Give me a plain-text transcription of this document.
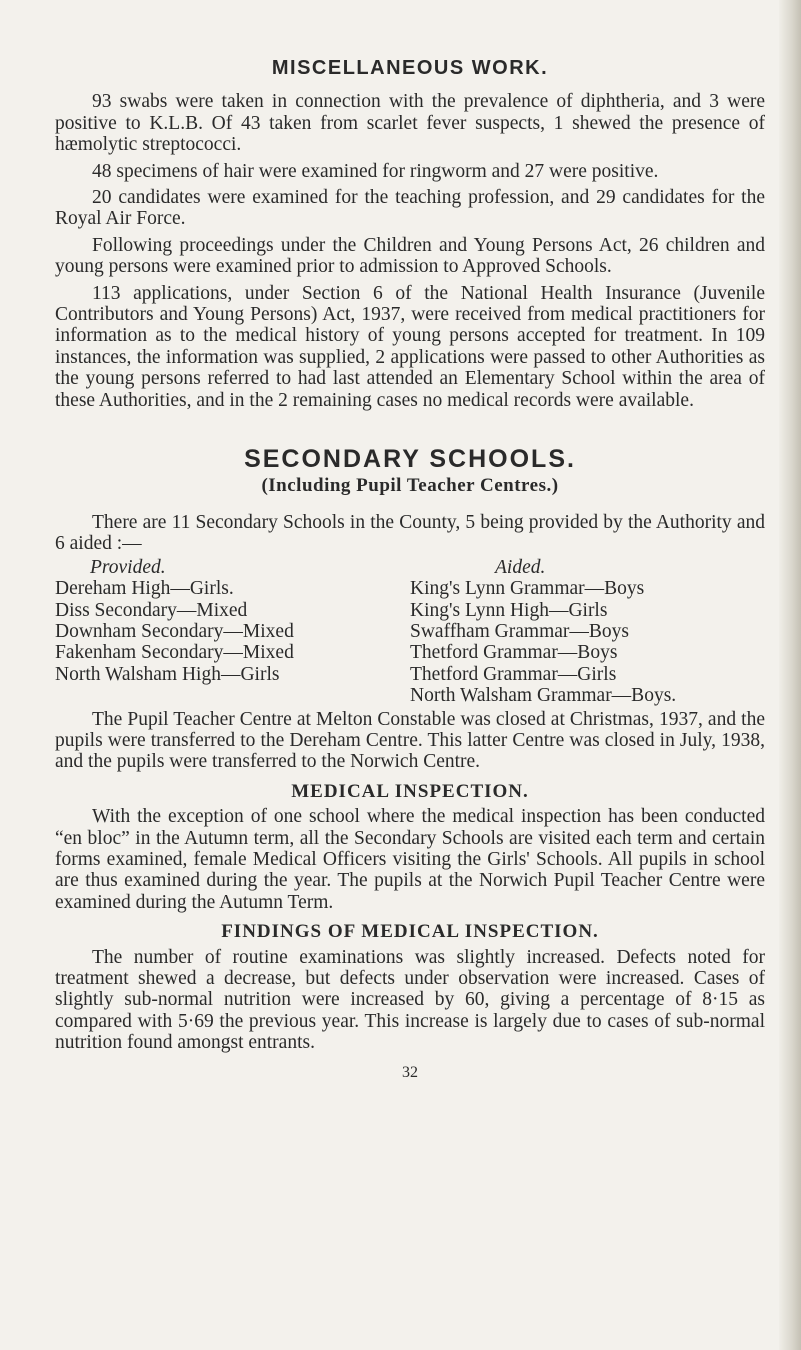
MISCELLANEOUS WORK.

93 swabs were taken in connection with the prevalence of diphtheria, and 3 were positive to K.L.B. Of 43 taken from scarlet fever suspects, 1 shewed the presence of hæmolytic streptococci.

48 specimens of hair were examined for ringworm and 27 were positive.

20 candidates were examined for the teaching profession, and 29 candidates for the Royal Air Force.

Following proceedings under the Children and Young Persons Act, 26 children and young persons were examined prior to admission to Approved Schools.

113 applications, under Section 6 of the National Health Insurance (Juvenile Contributors and Young Persons) Act, 1937, were received from medical practitioners for information as to the medical history of young persons accepted for treatment. In 109 instances, the information was supplied, 2 applications were passed to other Authorities as the young persons referred to had last attended an Elementary School within the area of these Authorities, and in the 2 remaining cases no medical records were available.

SECONDARY SCHOOLS.
(Including Pupil Teacher Centres.)

There are 11 Secondary Schools in the County, 5 being provided by the Authority and 6 aided :—

Provided.
Dereham High—Girls.
Diss Secondary—Mixed
Downham Secondary—Mixed
Fakenham Secondary—Mixed
North Walsham High—Girls
Aided.
King's Lynn Grammar—Boys
King's Lynn High—Girls
Swaffham Grammar—Boys
Thetford Grammar—Boys
Thetford Grammar—Girls
North Walsham Grammar—Boys.

The Pupil Teacher Centre at Melton Constable was closed at Christmas, 1937, and the pupils were transferred to the Dereham Centre. This latter Centre was closed in July, 1938, and the pupils were transferred to the Norwich Centre.

MEDICAL INSPECTION.

With the exception of one school where the medical inspection has been conducted “en bloc” in the Autumn term, all the Secondary Schools are visited each term and certain forms examined, female Medical Officers visiting the Girls' Schools. All pupils in school are thus examined during the year. The pupils at the Norwich Pupil Teacher Centre were examined during the Autumn Term.

FINDINGS OF MEDICAL INSPECTION.

The number of routine examinations was slightly increased. Defects noted for treatment shewed a decrease, but defects under observation were increased. Cases of slightly sub-normal nutrition were increased by 60, giving a percentage of 8·15 as compared with 5·69 the previous year. This increase is largely due to cases of sub-normal nutrition found amongst entrants.

32
